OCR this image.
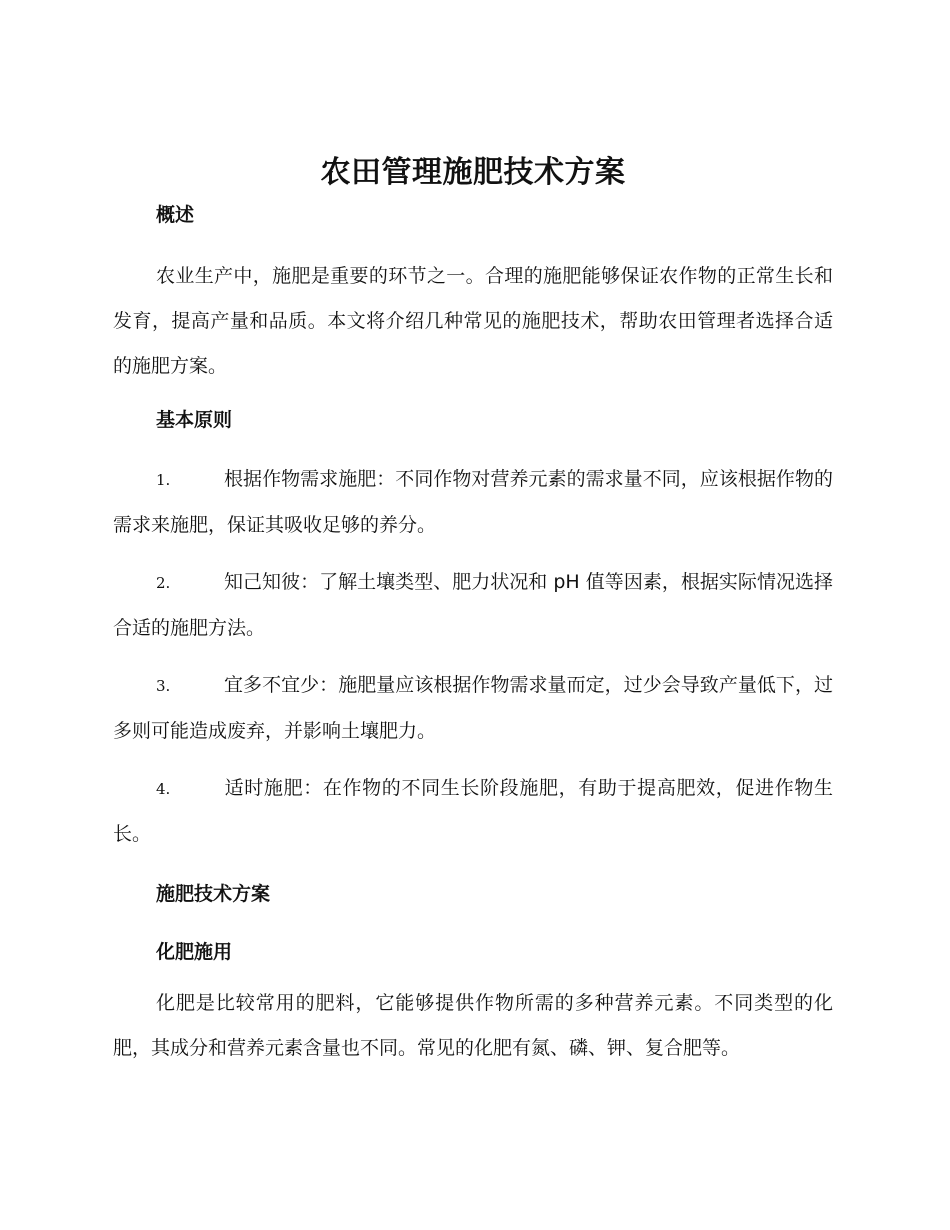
农田管理施肥技术方案

概述

农业生产中，施肥是重要的环节之一。合理的施肥能够保证农作物的正常生长和发育，提高产量和品质。本文将介绍几种常见的施肥技术，帮助农田管理者选择合适的施肥方案。

基本原则

1.	根据作物需求施肥：不同作物对营养元素的需求量不同，应该根据作物的需求来施肥，保证其吸收足够的养分。

2.	知己知彼：了解土壤类型、肥力状况和 pH 值等因素，根据实际情况选择合适的施肥方法。

3.	宜多不宜少：施肥量应该根据作物需求量而定，过少会导致产量低下，过多则可能造成废弃，并影响土壤肥力。

4.	适时施肥：在作物的不同生长阶段施肥，有助于提高肥效，促进作物生长。

施肥技术方案

化肥施用

化肥是比较常用的肥料，它能够提供作物所需的多种营养元素。不同类型的化肥，其成分和营养元素含量也不同。常见的化肥有氮、磷、钾、复合肥等。
